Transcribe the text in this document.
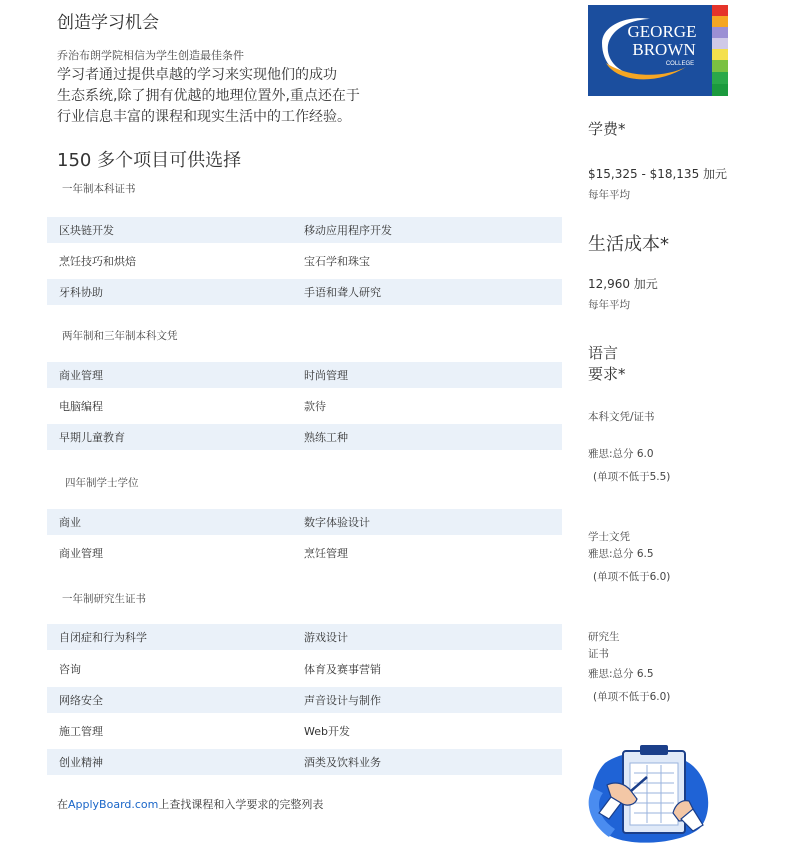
创造学习机会
乔治布朗学院相信为学生创造最佳条件
学习者通过提供卓越的学习来实现他们的成功
生态系统,除了拥有优越的地理位置外,重点还在于
行业信息丰富的课程和现实生活中的工作经验。
150 多个项目可供选择
一年制本科证书
区块链开发	移动应用程序开发
烹饪技巧和烘焙	宝石学和珠宝
牙科协助	手语和聋人研究
两年制和三年制本科文凭
商业管理	时尚管理
电脑编程	款待
早期儿童教育	熟练工种
四年制学士学位
商业	数字体验设计
商业管理	烹饪管理
一年制研究生证书
自闭症和行为科学	游戏设计
咨询	体育及赛事营销
网络安全	声音设计与制作
施工管理	Web开发
创业精神	酒类及饮料业务
在ApplyBoard.com上查找课程和入学要求的完整列表
GEORGE
BROWN
COLLEGE
学费*
$15,325 - $18,135 加元
每年平均
生活成本*
12,960 加元
每年平均
语言
要求*
本科文凭/证书
雅思:总分 6.0
(单项不低于5.5)
学士文凭
雅思:总分 6.5
(单项不低于6.0)
研究生
证书
雅思:总分 6.5
(单项不低于6.0)
